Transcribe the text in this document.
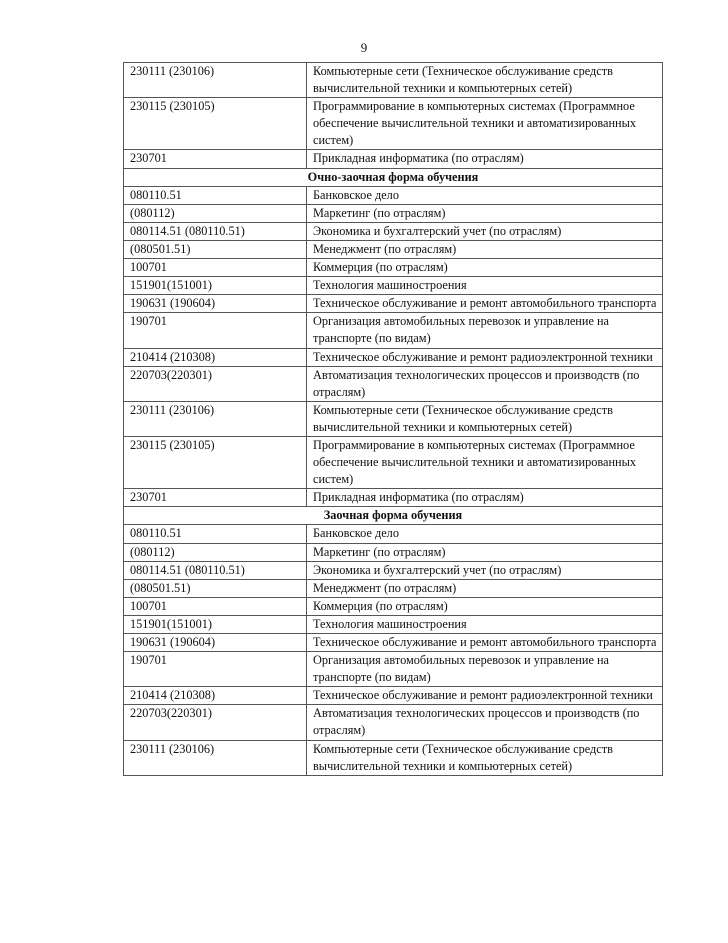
9
230111 (230106)	Компьютерные сети (Техническое обслуживание средств вычислительной техники и компьютерных сетей)
230115 (230105)	Программирование в компьютерных системах (Программное обеспечение вычислительной техники и автоматизированных систем)
230701	Прикладная информатика (по отраслям)
Очно-заочная форма обучения	
080110.51	Банковское дело
(080112)	Маркетинг (по отраслям)
080114.51 (080110.51)	Экономика и бухгалтерский учет (по отраслям)
(080501.51)	Менеджмент (по отраслям)
100701	Коммерция (по отраслям)
151901(151001)	Технология машиностроения
190631 (190604)	Техническое обслуживание и ремонт автомобильного транспорта
190701	Организация автомобильных перевозок и управление на транспорте (по видам)
210414 (210308)	Техническое обслуживание и ремонт радиоэлектронной техники
220703(220301)	Автоматизация технологических процессов и производств (по отраслям)
230111 (230106)	Компьютерные сети (Техническое обслуживание средств вычислительной техники и компьютерных сетей)
230115 (230105)	Программирование в компьютерных системах (Программное обеспечение вычислительной техники и автоматизированных систем)
230701	Прикладная информатика (по отраслям)
Заочная форма обучения	
080110.51	Банковское дело
(080112)	Маркетинг (по отраслям)
080114.51 (080110.51)	Экономика и бухгалтерский учет (по отраслям)
(080501.51)	Менеджмент (по отраслям)
100701	Коммерция (по отраслям)
151901(151001)	Технология машиностроения
190631 (190604)	Техническое обслуживание и ремонт автомобильного транспорта
190701	Организация автомобильных перевозок и управление на транспорте (по видам)
210414 (210308)	Техническое обслуживание и ремонт радиоэлектронной техники
220703(220301)	Автоматизация технологических процессов и производств (по отраслям)
230111 (230106)	Компьютерные сети (Техническое обслуживание средств вычислительной техники и компьютерных сетей)
